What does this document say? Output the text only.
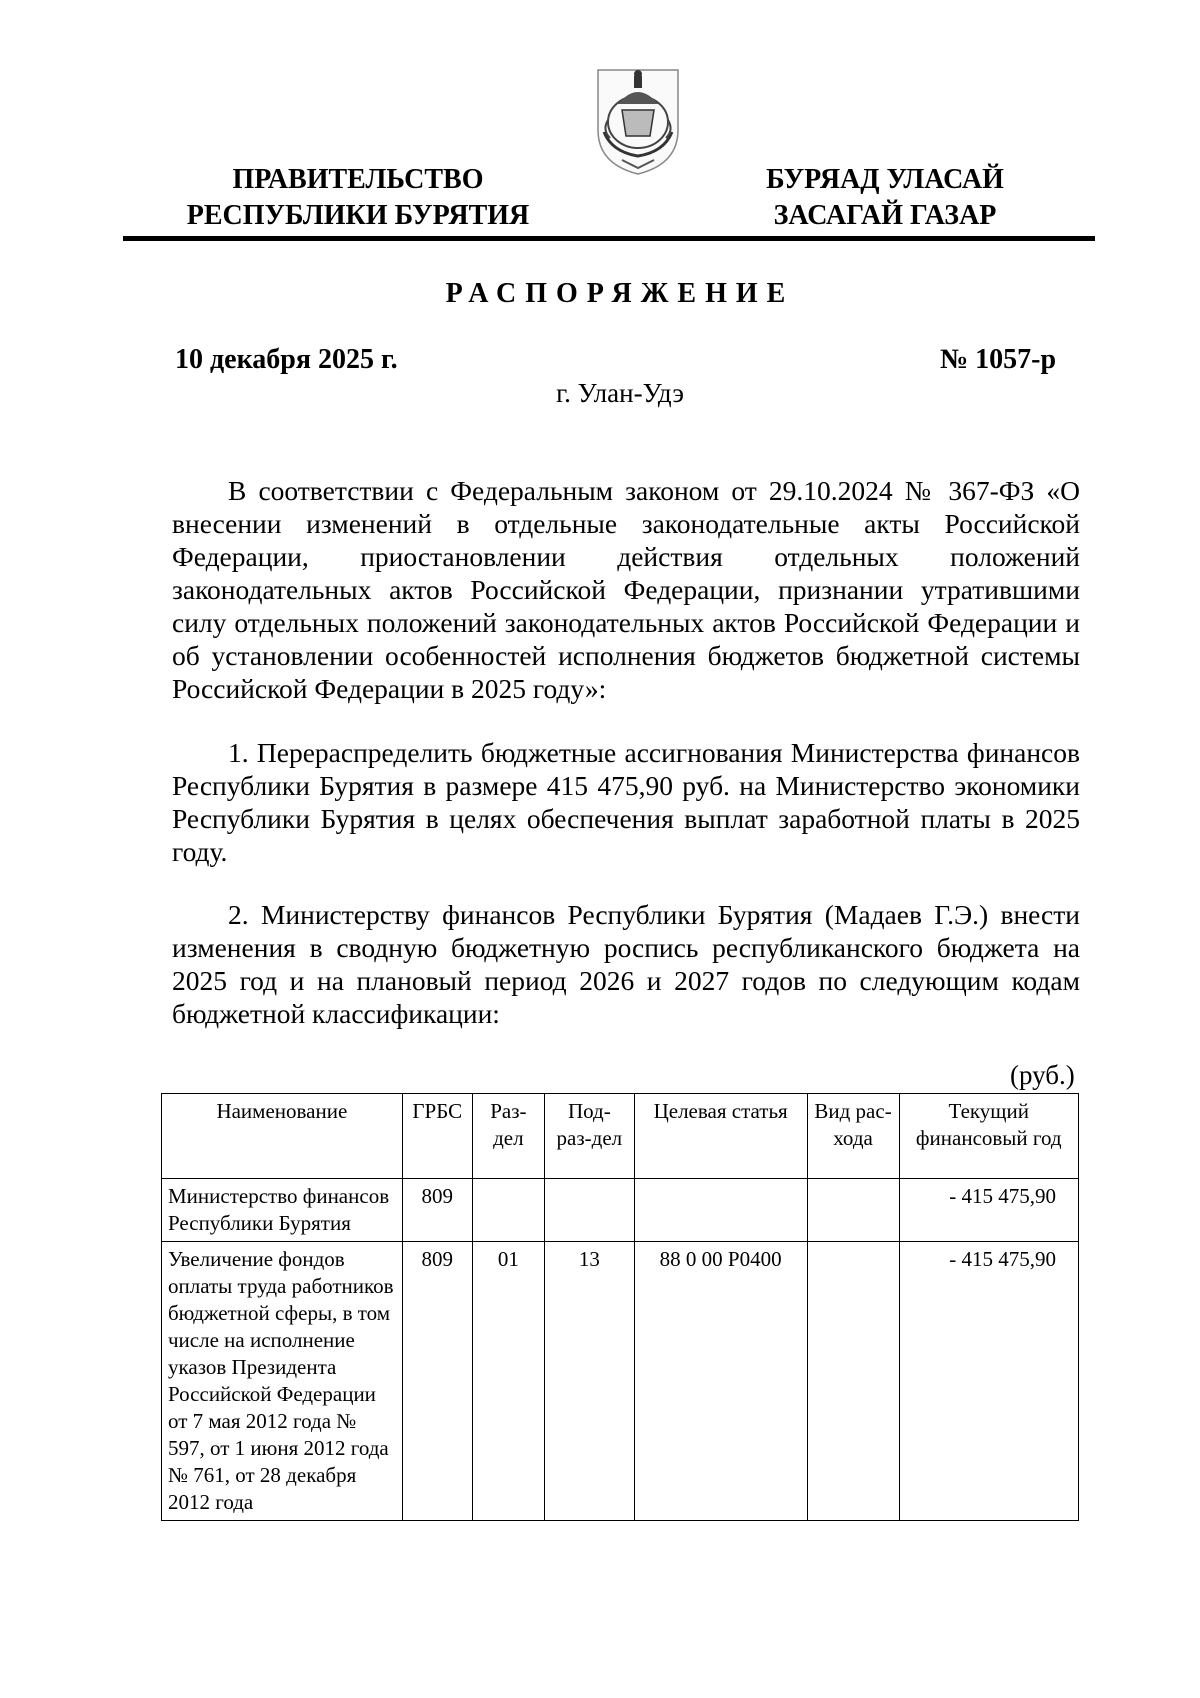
ПРАВИТЕЛЬСТВО
РЕСПУБЛИКИ БУРЯТИЯ
БУРЯАД УЛАСАЙ
ЗАСАГАЙ ГАЗАР
РАСПОРЯЖЕНИЕ
10 декабря 2025 г.	№ 1057-р
г. Улан-Удэ
В соответствии с Федеральным законом от 29.10.2024 № 367-ФЗ «О внесении изменений в отдельные законодательные акты Российской Федерации, приостановлении действия отдельных положений законодательных актов Российской Федерации, признании утратившими силу отдельных положений законодательных актов Российской Федерации и об установлении особенностей исполнения бюджетов бюджетной системы Российской Федерации в 2025 году»:
1. Перераспределить бюджетные ассигнования Министерства финансов Республики Бурятия в размере 415 475,90 руб. на Министерство экономики Республики Бурятия в целях обеспечения выплат заработной платы в 2025 году.
2. Министерству финансов Республики Бурятия (Мадаев Г.Э.) внести изменения в сводную бюджетную роспись республиканского бюджета на 2025 год и на плановый период 2026 и 2027 годов по следующим кодам бюджетной классификации:
(руб.)
Наименование	ГРБС	Раз-дел	Под-раз-дел	Целевая статья	Вид рас-хода	Текущий финансовый год
Министерство финансов Республики Бурятия	809					- 415 475,90
Увеличение фондов оплаты труда работников бюджетной сферы, в том числе на исполнение указов Президента Российской Федерации от 7 мая 2012 года № 597, от 1 июня 2012 года № 761, от 28 декабря 2012 года	809	01	13	88 0 00 Р0400		- 415 475,90
